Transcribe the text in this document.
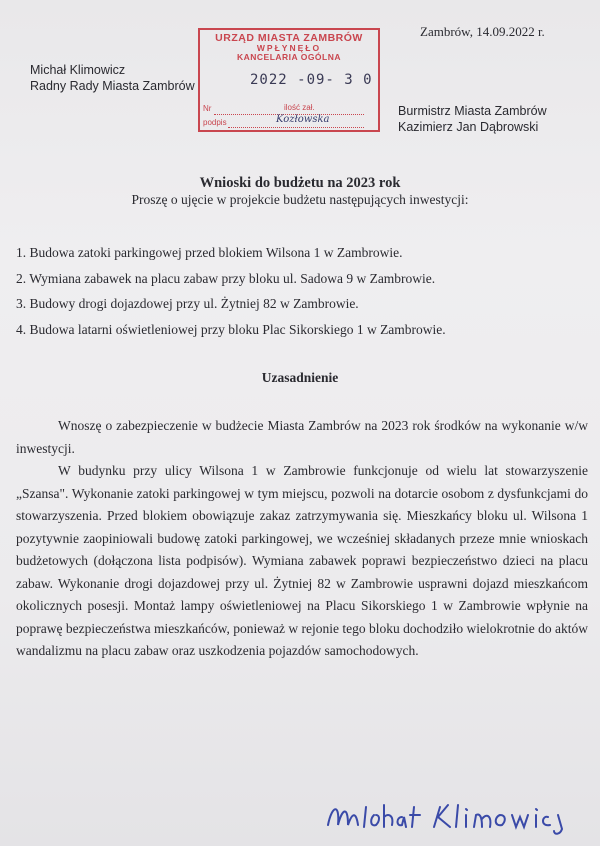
Michał Klimowicz
Radny Rady Miasta Zambrów
Zambrów, 14.09.2022 r.
URZĄD MIASTA ZAMBRÓW
WPŁYNĘŁO
KANCELARIA OGÓLNA
2022 -09- 3 0
Nr	ilość zał.
podpis	Kozłowska
Burmistrz Miasta Zambrów
Kazimierz Jan Dąbrowski
Wnioski do budżetu na 2023 rok
Proszę o ujęcie w projekcie budżetu następujących inwestycji:
1. Budowa zatoki parkingowej przed blokiem Wilsona 1 w Zambrowie.
2. Wymiana zabawek na placu zabaw przy bloku ul. Sadowa 9 w Zambrowie.
3. Budowy drogi dojazdowej przy ul. Żytniej 82 w Zambrowie.
4. Budowa latarni oświetleniowej przy bloku Plac Sikorskiego 1 w Zambrowie.
Uzasadnienie
Wnoszę o zabezpieczenie w budżecie Miasta Zambrów na 2023 rok środków na wykonanie w/w inwestycji.
W budynku przy ulicy Wilsona 1 w Zambrowie funkcjonuje od wielu lat stowarzyszenie „Szansa". Wykonanie zatoki parkingowej w tym miejscu, pozwoli na dotarcie osobom z dysfunkcjami do stowarzyszenia. Przed blokiem obowiązuje zakaz zatrzymywania się. Mieszkańcy bloku ul. Wilsona 1 pozytywnie zaopiniowali budowę zatoki parkingowej, we wcześniej składanych przeze mnie wnioskach budżetowych (dołączona lista podpisów). Wymiana zabawek poprawi bezpieczeństwo dzieci na placu zabaw. Wykonanie drogi dojazdowej przy ul. Żytniej 82 w Zambrowie usprawni dojazd mieszkańcom okolicznych posesji. Montaż lampy oświetleniowej na Placu Sikorskiego 1 w Zambrowie wpłynie na poprawę bezpieczeństwa mieszkańców, ponieważ w rejonie tego bloku dochodziło wielokrotnie do aktów wandalizmu na placu zabaw oraz uszkodzenia pojazdów samochodowych.
